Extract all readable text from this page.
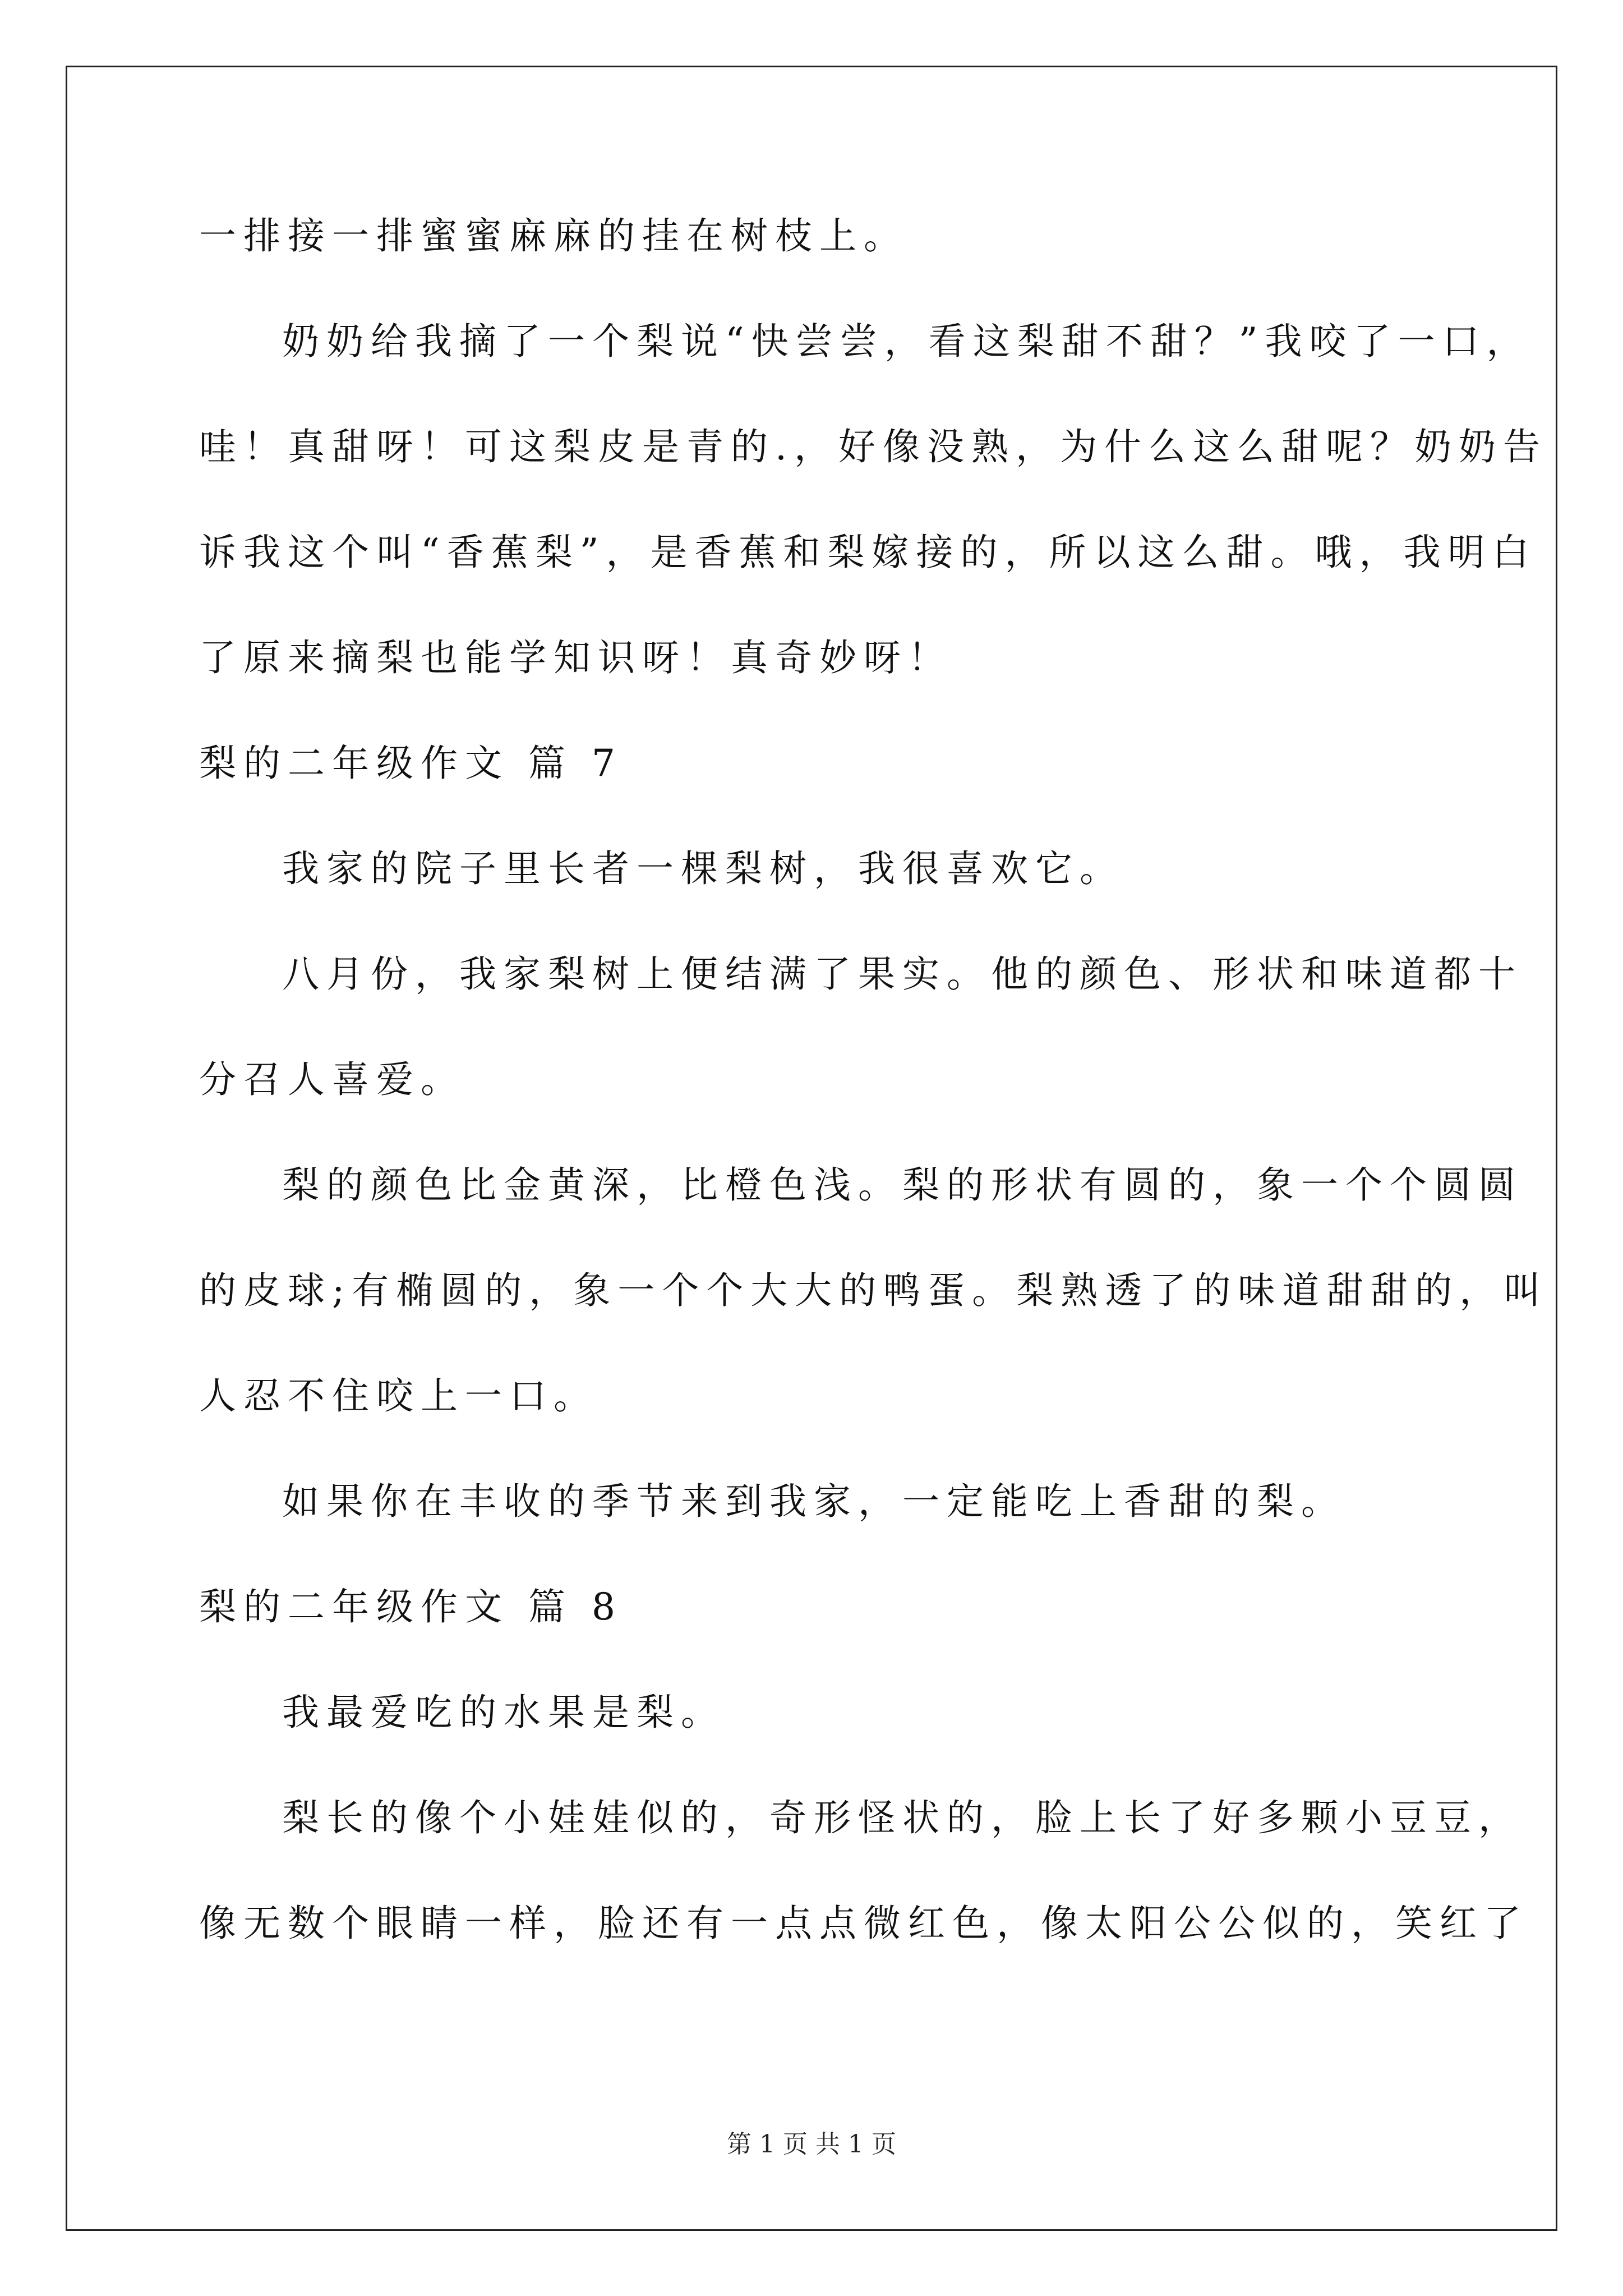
一排接一排蜜蜜麻麻的挂在树枝上。
奶奶给我摘了一个梨说“快尝尝，看这梨甜不甜？”我咬了一口，
哇！真甜呀！可这梨皮是青的.，好像没熟，为什么这么甜呢？奶奶告
诉我这个叫“香蕉梨”，是香蕉和梨嫁接的，所以这么甜。哦，我明白
了原来摘梨也能学知识呀！真奇妙呀！
梨的二年级作文 篇 7
我家的院子里长者一棵梨树，我很喜欢它。
八月份，我家梨树上便结满了果实。他的颜色、形状和味道都十
分召人喜爱。
梨的颜色比金黄深，比橙色浅。梨的形状有圆的，象一个个圆圆
的皮球;有椭圆的，象一个个大大的鸭蛋。梨熟透了的味道甜甜的，叫
人忍不住咬上一口。
如果你在丰收的季节来到我家，一定能吃上香甜的梨。
梨的二年级作文 篇 8
我最爱吃的水果是梨。
梨长的像个小娃娃似的，奇形怪状的，脸上长了好多颗小豆豆，
像无数个眼睛一样，脸还有一点点微红色，像太阳公公似的，笑红了
第 1 页 共 1 页
